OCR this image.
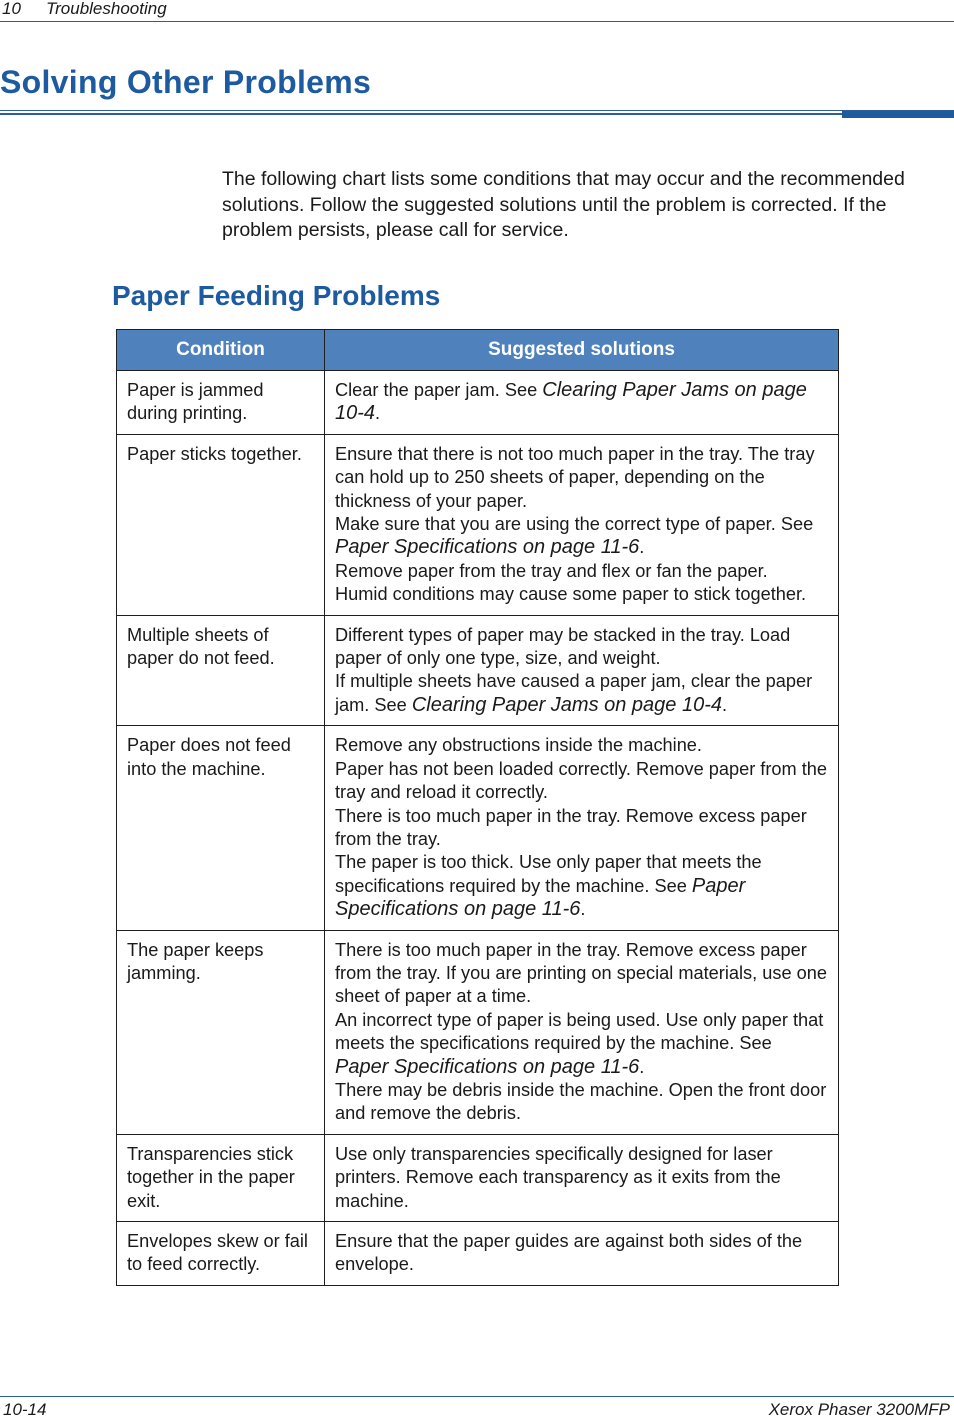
10 Troubleshooting
Solving Other Problems

The following chart lists some conditions that may occur and the recommended solutions. Follow the suggested solutions until the problem is corrected. If the problem persists, please call for service.

Paper Feeding Problems
Condition	Suggested solutions
Paper is jammed during printing.	Clear the paper jam. See Clearing Paper Jams on page 10-4.

Paper sticks together.	Ensure that there is not too much paper in the tray. The tray can hold up to 250 sheets of paper, depending on the thickness of your paper.
Make sure that you are using the correct type of paper. See Paper Specifications on page 11-6.
Remove paper from the tray and flex or fan the paper.
Humid conditions may cause some paper to stick together.

Multiple sheets of paper do not feed.	Different types of paper may be stacked in the tray. Load paper of only one type, size, and weight.
If multiple sheets have caused a paper jam, clear the paper jam. See Clearing Paper Jams on page 10-4.

Paper does not feed into the machine.	Remove any obstructions inside the machine.
Paper has not been loaded correctly. Remove paper from the tray and reload it correctly.
There is too much paper in the tray. Remove excess paper from the tray.
The paper is too thick. Use only paper that meets the specifications required by the machine. See Paper Specifications on page 11-6.

The paper keeps jamming.	There is too much paper in the tray. Remove excess paper from the tray. If you are printing on special materials, use one sheet of paper at a time.
An incorrect type of paper is being used. Use only paper that meets the specifications required by the machine. See Paper Specifications on page 11-6.
There may be debris inside the machine. Open the front door and remove the debris.

Transparencies stick together in the paper exit.	Use only transparencies specifically designed for laser printers. Remove each transparency as it exits from the machine.

Envelopes skew or fail to feed correctly.	Ensure that the paper guides are against both sides of the envelope.
10-14	Xerox Phaser 3200MFP
